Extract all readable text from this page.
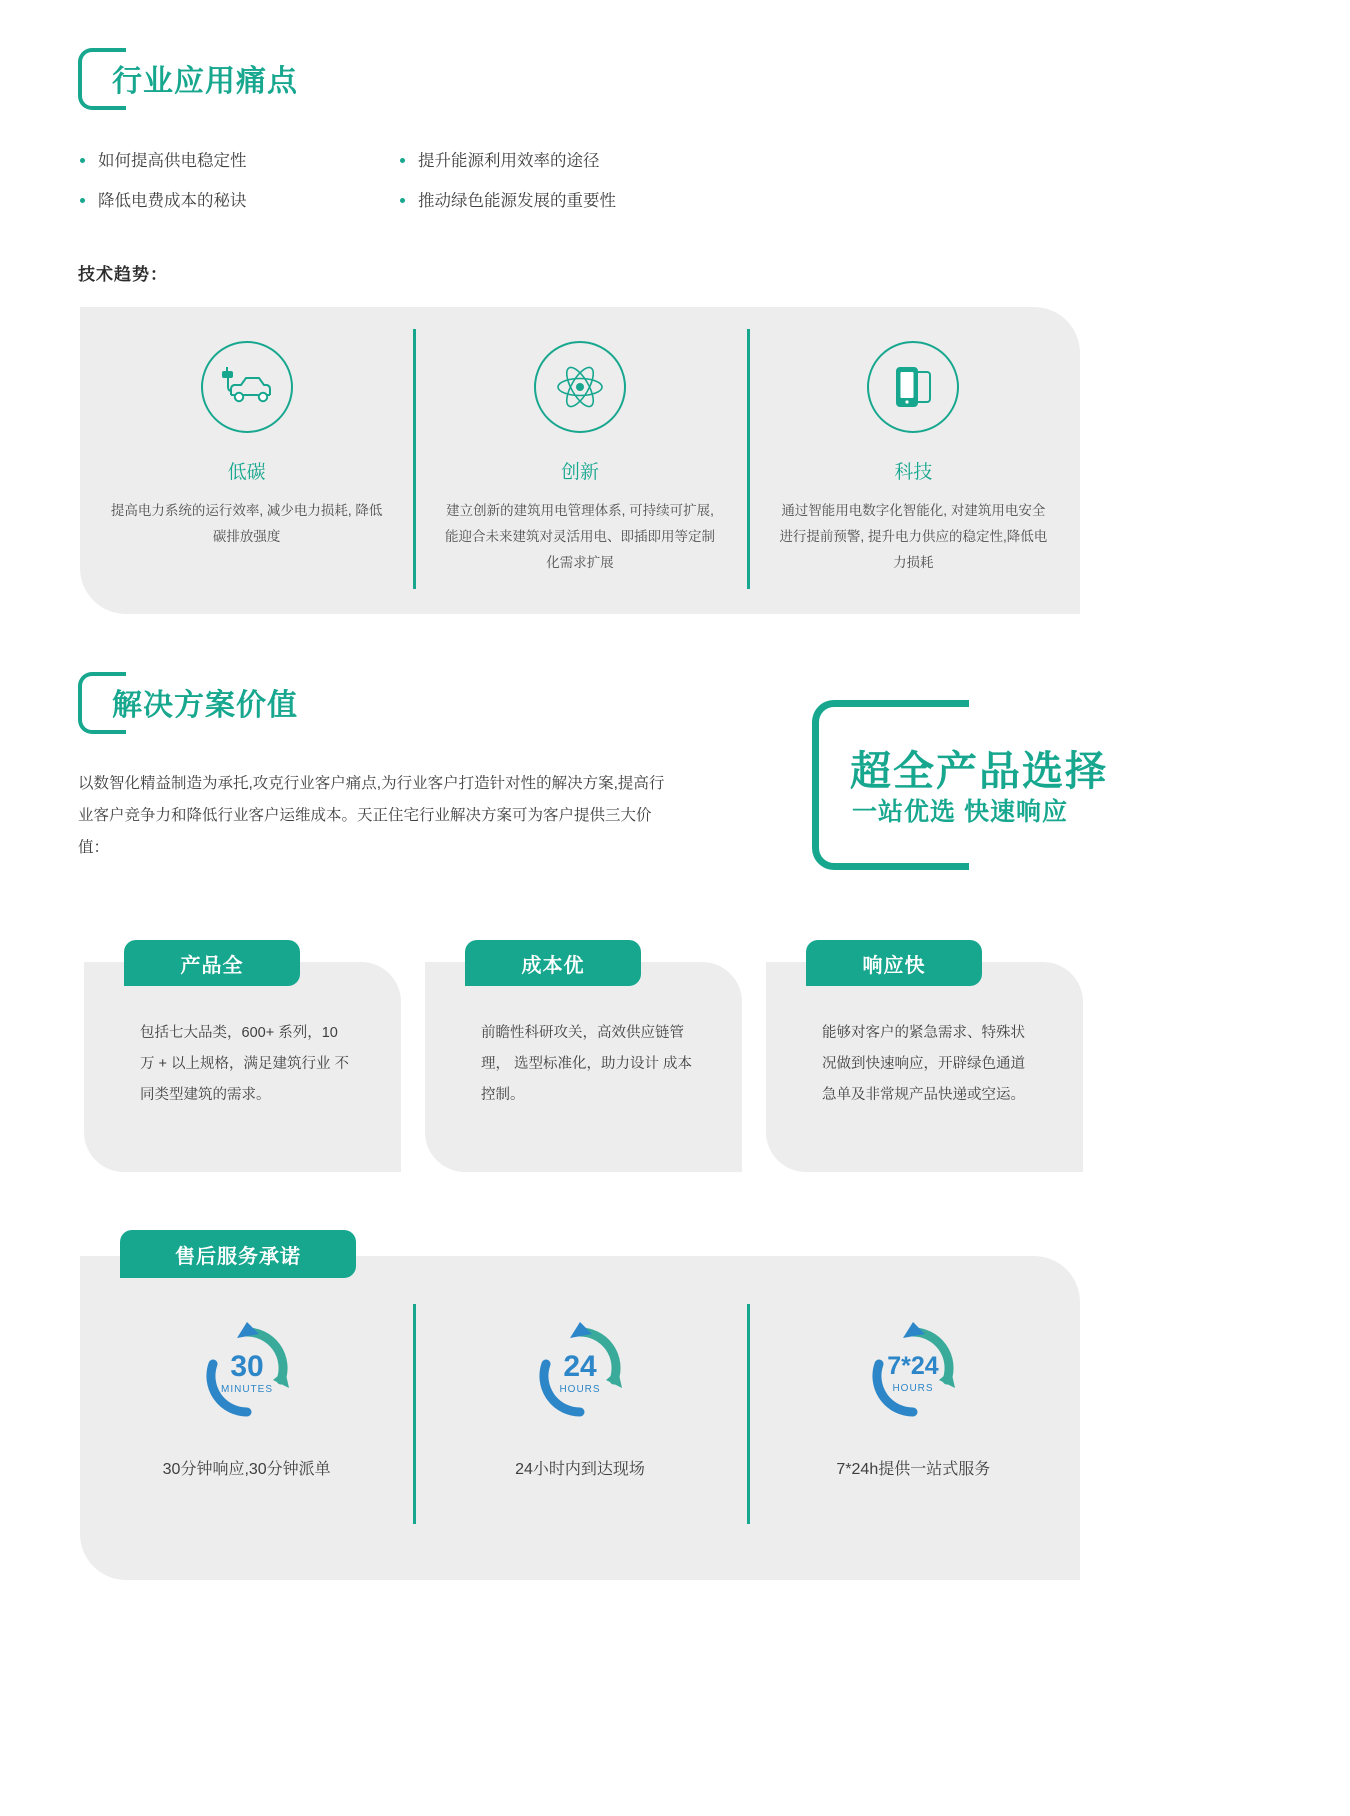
行业应用痛点
如何提高供电稳定性	提升能源利用效率的途径
降低电费成本的秘诀	推动绿色能源发展的重要性
技术趋势：
低碳
提高电力系统的运行效率, 减少电力损耗, 降低碳排放强度
创新
建立创新的建筑用电管理体系, 可持续可扩展, 能迎合未来建筑对灵活用电、即插即用等定制化需求扩展
科技
通过智能用电数字化智能化, 对建筑用电安全进行提前预警, 提升电力供应的稳定性,降低电力损耗
解决方案价值
以数智化精益制造为承托,攻克行业客户痛点,为行业客户打造针对性的解决方案,提高行业客户竞争力和降低行业客户运维成本。天正住宅行业解决方案可为客户提供三大价值：
超全产品选择
一站优选 快速响应
产品全
包括七大品类，600+ 系列，10 万 + 以上规格，满足建筑行业 不同类型建筑的需求。
成本优
前瞻性科研攻关，高效供应链管理， 选型标准化，助力设计 成本控制。
响应快
能够对客户的紧急需求、特殊状况做到快速响应，开辟绿色通道急单及非常规产品快递或空运。
售后服务承诺
30
MINUTES
30分钟响应,30分钟派单
24
HOURS
24小时内到达现场
7*24
HOURS
7*24h提供一站式服务
